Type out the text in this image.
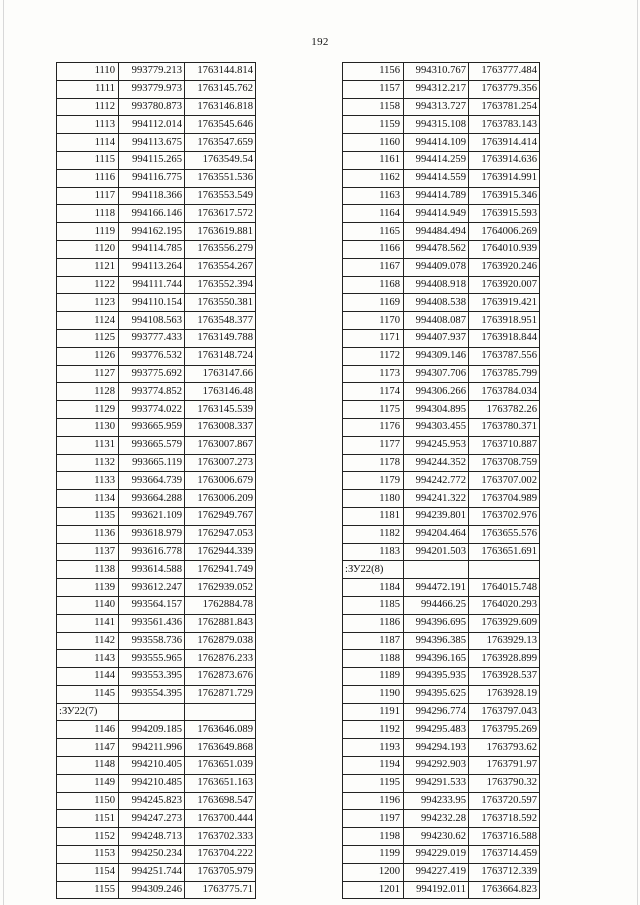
192
1110	993779.213	1763144.814
1111	993779.973	1763145.762
1112	993780.873	1763146.818
1113	994112.014	1763545.646
1114	994113.675	1763547.659
1115	994115.265	1763549.54
1116	994116.775	1763551.536
1117	994118.366	1763553.549
1118	994166.146	1763617.572
1119	994162.195	1763619.881
1120	994114.785	1763556.279
1121	994113.264	1763554.267
1122	994111.744	1763552.394
1123	994110.154	1763550.381
1124	994108.563	1763548.377
1125	993777.433	1763149.788
1126	993776.532	1763148.724
1127	993775.692	1763147.66
1128	993774.852	1763146.48
1129	993774.022	1763145.539
1130	993665.959	1763008.337
1131	993665.579	1763007.867
1132	993665.119	1763007.273
1133	993664.739	1763006.679
1134	993664.288	1763006.209
1135	993621.109	1762949.767
1136	993618.979	1762947.053
1137	993616.778	1762944.339
1138	993614.588	1762941.749
1139	993612.247	1762939.052
1140	993564.157	1762884.78
1141	993561.436	1762881.843
1142	993558.736	1762879.038
1143	993555.965	1762876.233
1144	993553.395	1762873.676
1145	993554.395	1762871.729
:ЗУ22(7)		
1146	994209.185	1763646.089
1147	994211.996	1763649.868
1148	994210.405	1763651.039
1149	994210.485	1763651.163
1150	994245.823	1763698.547
1151	994247.273	1763700.444
1152	994248.713	1763702.333
1153	994250.234	1763704.222
1154	994251.744	1763705.979
1155	994309.246	1763775.71
1156	994310.767	1763777.484
1157	994312.217	1763779.356
1158	994313.727	1763781.254
1159	994315.108	1763783.143
1160	994414.109	1763914.414
1161	994414.259	1763914.636
1162	994414.559	1763914.991
1163	994414.789	1763915.346
1164	994414.949	1763915.593
1165	994484.494	1764006.269
1166	994478.562	1764010.939
1167	994409.078	1763920.246
1168	994408.918	1763920.007
1169	994408.538	1763919.421
1170	994408.087	1763918.951
1171	994407.937	1763918.844
1172	994309.146	1763787.556
1173	994307.706	1763785.799
1174	994306.266	1763784.034
1175	994304.895	1763782.26
1176	994303.455	1763780.371
1177	994245.953	1763710.887
1178	994244.352	1763708.759
1179	994242.772	1763707.002
1180	994241.322	1763704.989
1181	994239.801	1763702.976
1182	994204.464	1763655.576
1183	994201.503	1763651.691
:ЗУ22(8)		
1184	994472.191	1764015.748
1185	994466.25	1764020.293
1186	994396.695	1763929.609
1187	994396.385	1763929.13
1188	994396.165	1763928.899
1189	994395.935	1763928.537
1190	994395.625	1763928.19
1191	994296.774	1763797.043
1192	994295.483	1763795.269
1193	994294.193	1763793.62
1194	994292.903	1763791.97
1195	994291.533	1763790.32
1196	994233.95	1763720.597
1197	994232.28	1763718.592
1198	994230.62	1763716.588
1199	994229.019	1763714.459
1200	994227.419	1763712.339
1201	994192.011	1763664.823
